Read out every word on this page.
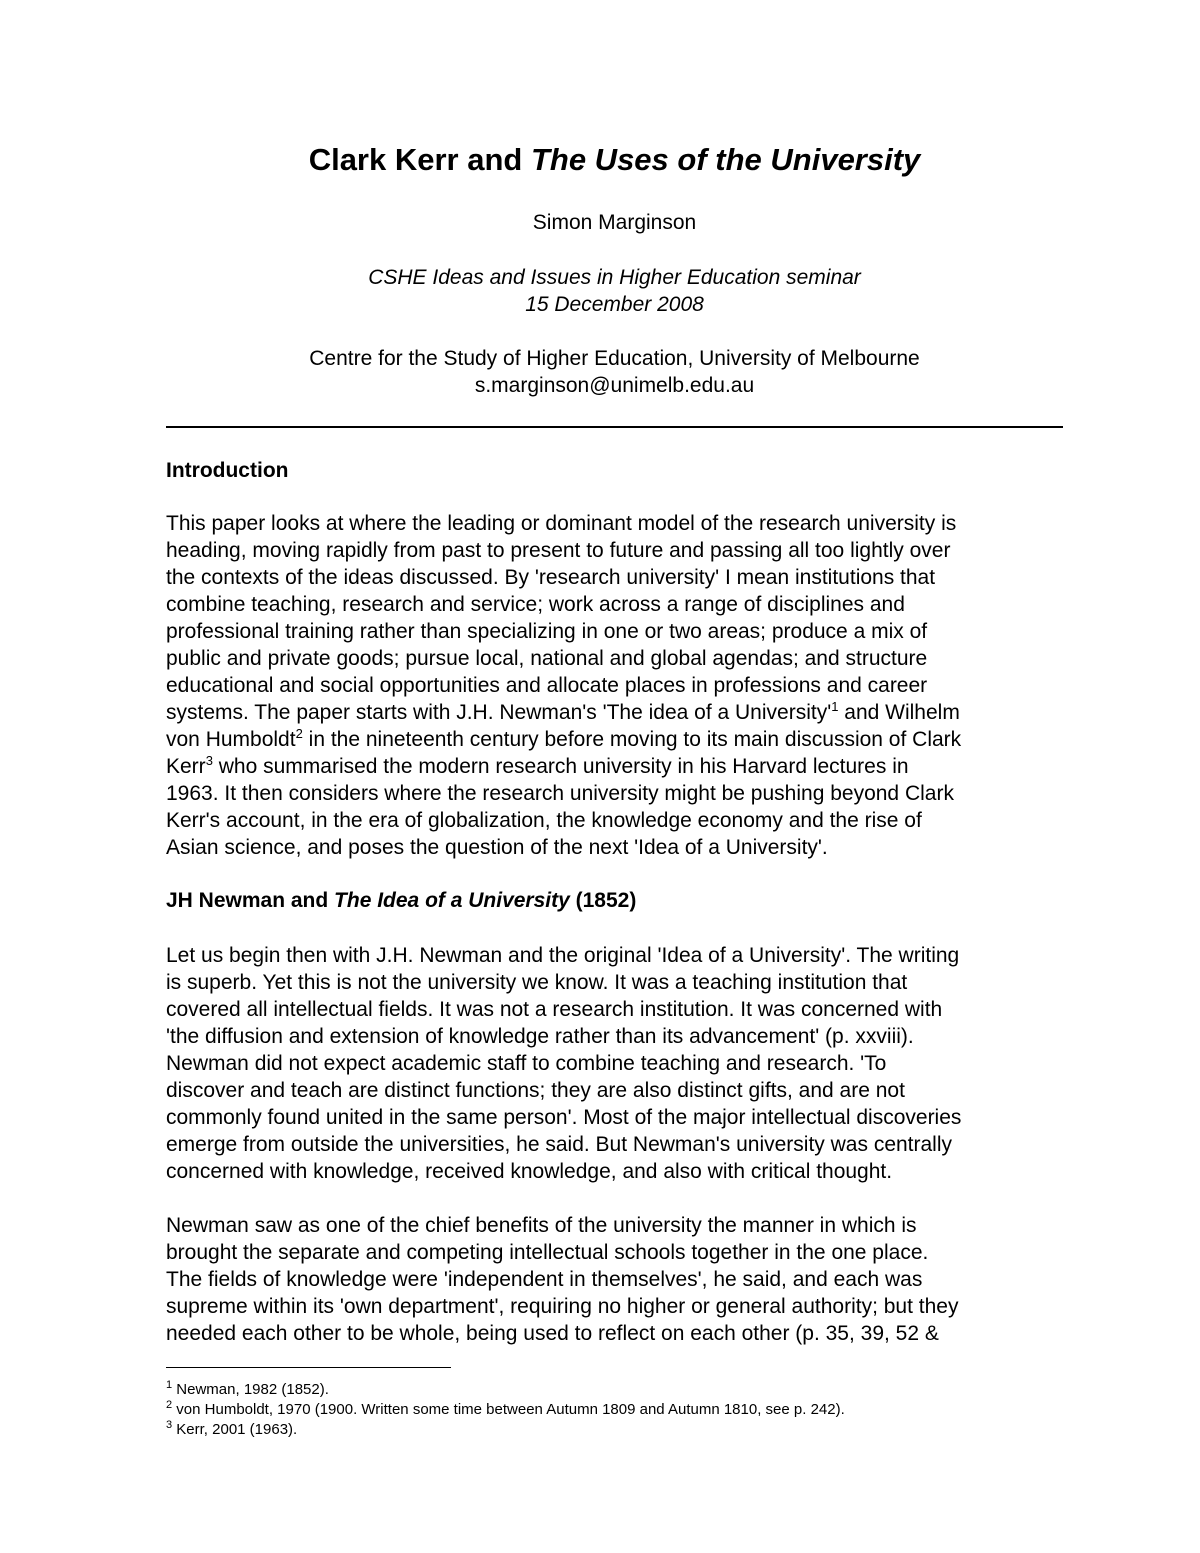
Clark Kerr and The Uses of the University

Simon Marginson

CSHE Ideas and Issues in Higher Education seminar

15 December 2008

Centre for the Study of Higher Education, University of Melbourne

s.marginson@unimelb.edu.au

Introduction

This paper looks at where the leading or dominant model of the research university is

heading, moving rapidly from past to present to future and passing all too lightly over

the contexts of the ideas discussed. By 'research university' I mean institutions that

combine teaching, research and service; work across a range of disciplines and

professional training rather than specializing in one or two areas; produce a mix of

public and private goods; pursue local, national and global agendas; and structure

educational and social opportunities and allocate places in professions and career

systems. The paper starts with J.H. Newman's 'The idea of a $University'^1$ and Wilhelm

von Humboldt$^2$ in the nineteenth century before moving to its main discussion of Clark

Kerr$^3$ who summarised the modern research university in his Harvard lectures in

1963. It then considers where the research university might be pushing beyond Clark

Kerr's account, in the era of globalization, the knowledge economy and the rise of

Asian science, and poses the question of the next 'Idea of a University'.

JH Newman and The Idea of a University (1852)

Let us begin then with J.H. Newman and the original 'Idea of a University'. The writing

is superb. Yet this is not the university we know. It was a teaching institution that

covered all intellectual fields. It was not a research institution. It was concerned with

'the diffusion and extension of knowledge rather than its advancement' (p. xxviii).

Newman did not expect academic staff to combine teaching and research. 'To

discover and teach are distinct functions; they are also distinct gifts, and are not

commonly found united in the same person'. Most of the major intellectual discoveries

emerge from outside the universities, he said. But Newman's university was centrally

concerned with knowledge, received knowledge, and also with critical thought.

Newman saw as one of the chief benefits of the university the manner in which is

brought the separate and competing intellectual schools together in the one place.

The fields of knowledge were 'independent in themselves', he said, and each was

supreme within its 'own department', requiring no higher or general authority; but they

needed each other to be whole, being used to reflect on each other (p. 35, 39, 52 &

$^1$ Newman, 1982 (1852).

$^2$ von Humboldt, 1970 (1900. Written some time between Autumn 1809 and Autumn 1810, see p. 242).

$^3$ Kerr, 2001 (1963).
